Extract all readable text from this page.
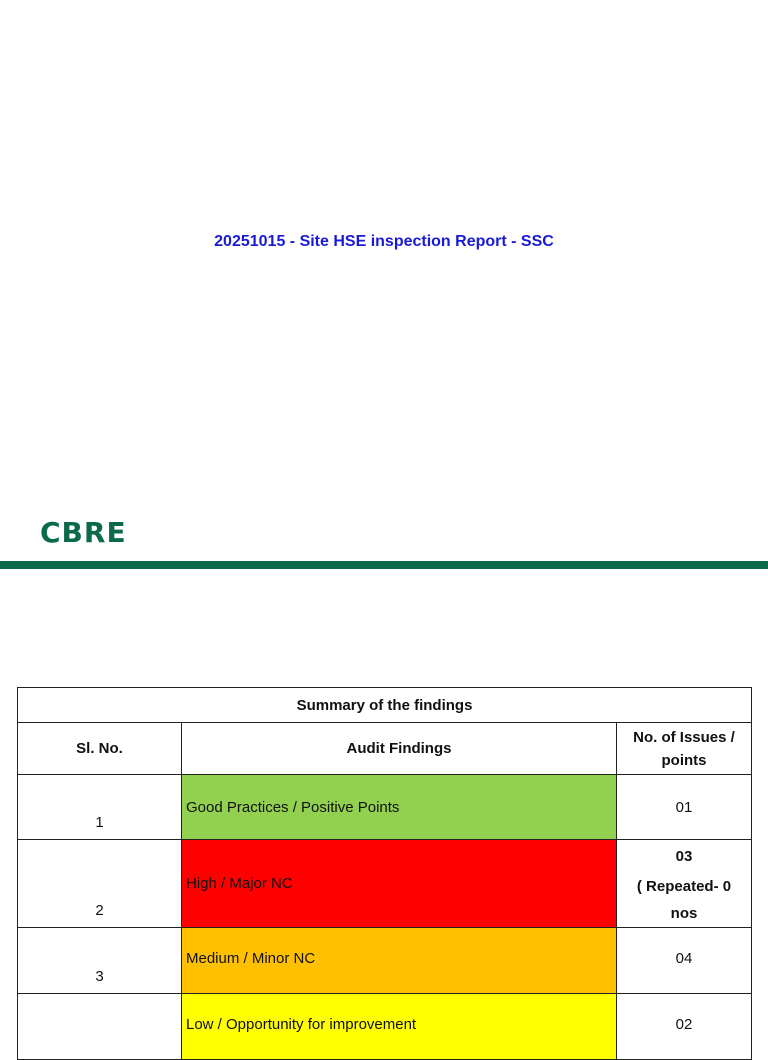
20251015 - Site HSE inspection Report - SSC
CBRE
Summary of the findings		
Sl. No.	Audit Findings	No. of Issues /
points
1	Good Practices / Positive Points	01
2	High / Major NC	03
( Repeated- 0
nos

3	Medium / Minor NC	04
	Low / Opportunity for improvement	02
